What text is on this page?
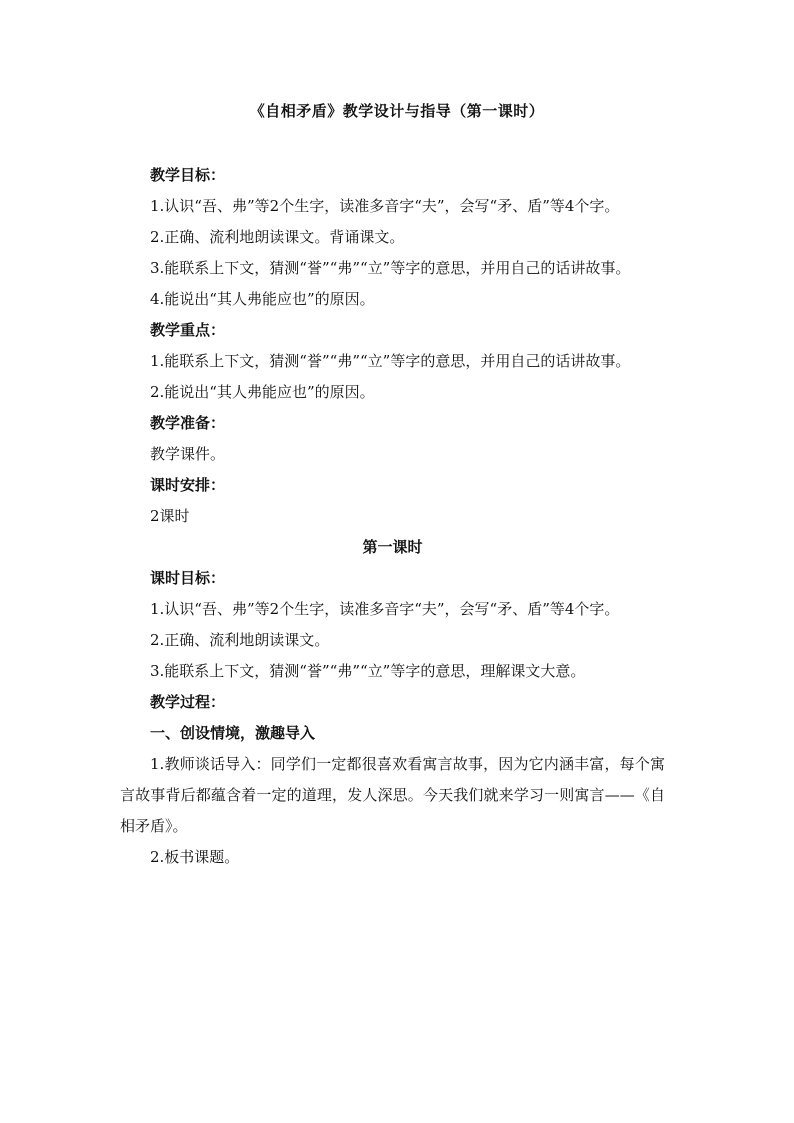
《自相矛盾》教学设计与指导（第一课时）

教学目标：

1.认识“吾、弗”等2个生字，读准多音字“夫”，会写“矛、盾”等4个字。

2.正确、流利地朗读课文。背诵课文。

3.能联系上下文，猜测“誉”“弗”“立”等字的意思，并用自己的话讲故事。

4.能说出“其人弗能应也”的原因。

教学重点：

1.能联系上下文，猜测“誉”“弗”“立”等字的意思，并用自己的话讲故事。

2.能说出“其人弗能应也”的原因。

教学准备：

教学课件。

课时安排：

2课时

第一课时

课时目标：

1.认识“吾、弗”等2个生字，读准多音字“夫”，会写“矛、盾”等4个字。

2.正确、流利地朗读课文。

3.能联系上下文，猜测“誉”“弗”“立”等字的意思，理解课文大意。

教学过程：

一、创设情境，激趣导入

1.教师谈话导入：同学们一定都很喜欢看寓言故事，因为它内涵丰富，每个寓言故事背后都蕴含着一定的道理，发人深思。今天我们就来学习一则寓言——《自相矛盾》。

2.板书课题。
